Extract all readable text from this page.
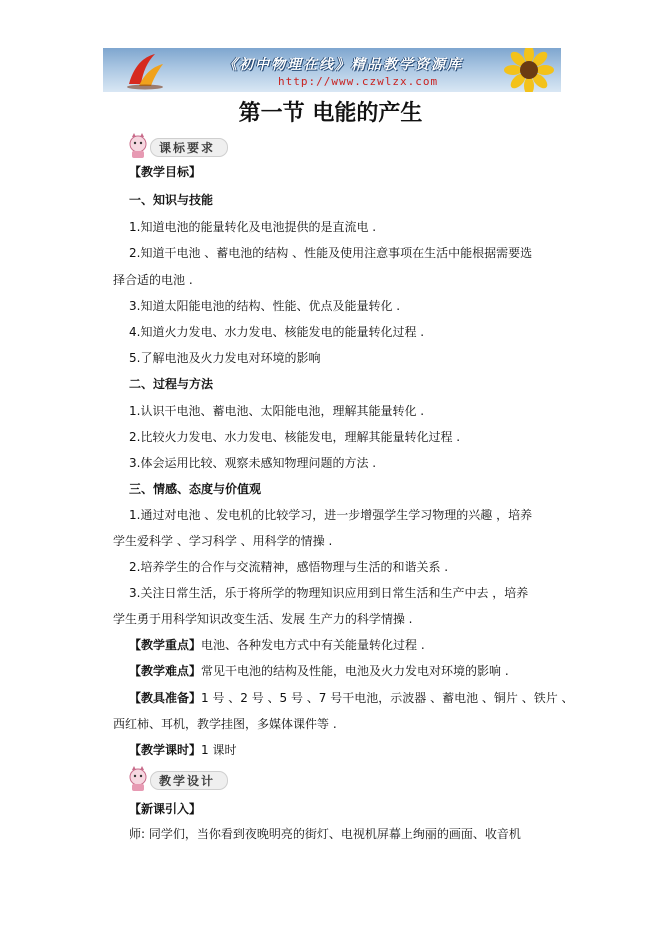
《初中物理在线》精品教学资源库
http://www.czwlzx.com
第一节 电能的产生
课标要求
【教学目标】
一、知识与技能
1.知道电池的能量转化及电池提供的是直流电 .
2.知道干电池 、蓄电池的结构 、性能及使用注意事项在生活中能根据需要选
择合适的电池 .
3.知道太阳能电池的结构、性能、优点及能量转化 .
4.知道火力发电、水力发电、核能发电的能量转化过程 .
5.了解电池及火力发电对环境的影响
二、过程与方法
1.认识干电池、蓄电池、太阳能电池，理解其能量转化 .
2.比较火力发电、水力发电、核能发电，理解其能量转化过程 .
3.体会运用比较、观察未感知物理问题的方法 .
三、情感、态度与价值观
1.通过对电池 、发电机的比较学习，进一步增强学生学习物理的兴趣 ，培养
学生爱科学 、学习科学 、用科学的情操 .
2.培养学生的合作与交流精神，感悟物理与生活的和谐关系 .
3.关注日常生活，乐于将所学的物理知识应用到日常生活和生产中去 ，培养
学生勇于用科学知识改变生活、发展 生产力的科学情操 .
【教学重点】电池、各种发电方式中有关能量转化过程 .
【教学难点】常见干电池的结构及性能，电池及火力发电对环境的影响 .
【教具准备】1 号 、2 号 、5 号 、7 号干电池，示波器 、蓄电池 、铜片 、铁片 、
西红柿、耳机，教学挂图，多媒体课件等 .
【教学课时】1 课时
教学设计
【新课引入】
师: 同学们，当你看到夜晚明亮的街灯、电视机屏幕上绚丽的画面、收音机
